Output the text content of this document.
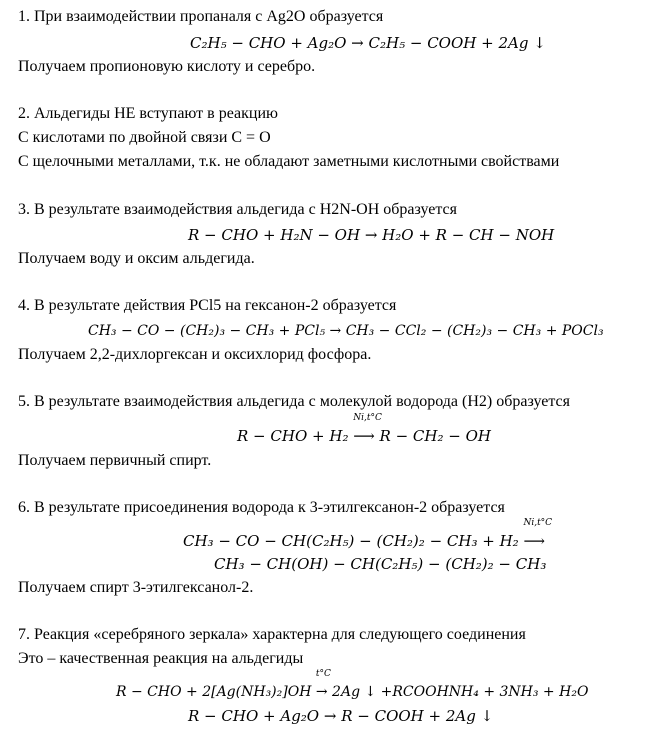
1. При взаимодействии пропаналя с Ag2O образуется
C₂H₅ − CHO + Ag₂O → C₂H₅ − COOH + 2Ag ↓
Получаем пропионовую кислоту и серебро.
2. Альдегиды НЕ вступают в реакцию
С кислотами по двойной связи C = O
С щелочными металлами, т.к. не обладают заметными кислотными свойствами
3. В результате взаимодействия альдегида с H2N-OH образуется
R − CHO + H₂N − OH → H₂O + R − CH − NOH
Получаем воду и оксим альдегида.
4. В результате действия PCl5 на гексанон-2 образуется
CH₃ − CO − (CH₂)₃ − CH₃ + PCl₅ → CH₃ − CCl₂ − (CH₂)₃ − CH₃ + POCl₃
Получаем 2,2-дихлоргексан и оксихлорид фосфора.
5. В результате взаимодействия альдегида с молекулой водорода (H2) образуется
R − CHO + H₂
Ni,t°C
⟶ R − CH₂ − OH
Получаем первичный спирт.
6. В результате присоединения водорода к 3-этилгексанон-2 образуется
CH₃ − CO − CH(C₂H₅) − (CH₂)₂ − CH₃ + H₂
Ni,t°C
⟶
CH₃ − CH(OH) − CH(C₂H₅) − (CH₂)₂ − CH₃
Получаем спирт 3-этилгексанол-2.
7. Реакция «серебряного зеркала» характерна для следующего соединения
Это – качественная реакция на альдегиды
R − CHO + 2[Ag(NH₃)₂]OH
t°C
→ 2Ag ↓ +RCOOHNH₄ + 3NH₃ + H₂O
R − CHO + Ag₂O → R − COOH + 2Ag ↓
